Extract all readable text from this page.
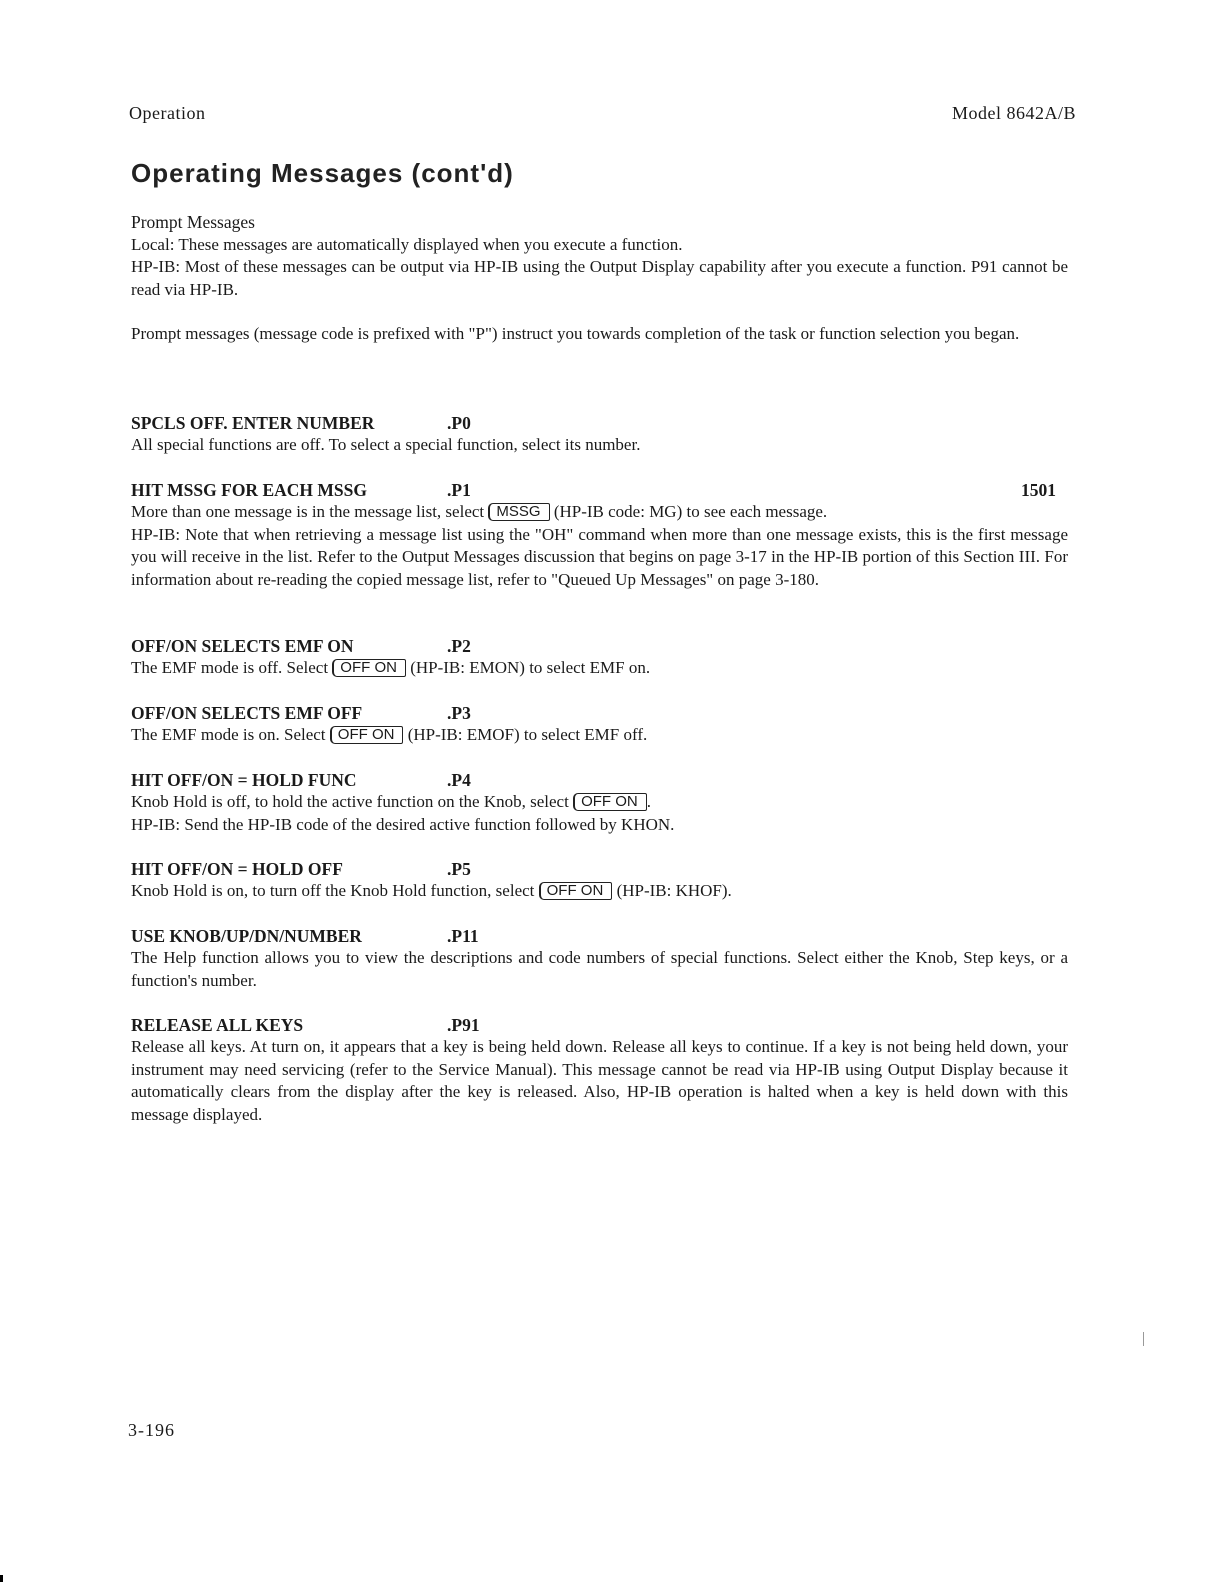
Operation	Model 8642A/B
Operating Messages (cont'd)
Prompt Messages
Local: These messages are automatically displayed when you execute a function.
HP-IB: Most of these messages can be output via HP-IB using the Output Display capability after you execute a function. P91 cannot be read via HP-IB.
Prompt messages (message code is prefixed with "P") instruct you towards completion of the task or function selection you began.
SPCLS OFF. ENTER NUMBER	.P0
All special functions are off. To select a special function, select its number.
HIT MSSG FOR EACH MSSG	.P1	1501
More than one message is in the message list, select MSSG (HP-IB code: MG) to see each message.
HP-IB: Note that when retrieving a message list using the "OH" command when more than one message exists, this is the first message you will receive in the list. Refer to the Output Messages discussion that begins on page 3-17 in the HP-IB portion of this Section III. For information about re-reading the copied message list, refer to "Queued Up Messages" on page 3-180.
OFF/ON SELECTS EMF ON	.P2
The EMF mode is off. Select OFF ON (HP-IB: EMON) to select EMF on.
OFF/ON SELECTS EMF OFF	.P3
The EMF mode is on. Select OFF ON (HP-IB: EMOF) to select EMF off.
HIT OFF/ON = HOLD FUNC	.P4
Knob Hold is off, to hold the active function on the Knob, select OFF ON .
HP-IB: Send the HP-IB code of the desired active function followed by KHON.
HIT OFF/ON = HOLD OFF	.P5
Knob Hold is on, to turn off the Knob Hold function, select OFF ON (HP-IB: KHOF).
USE KNOB/UP/DN/NUMBER	.P11
The Help function allows you to view the descriptions and code numbers of special functions. Select either the Knob, Step keys, or a function's number.
RELEASE ALL KEYS	.P91
Release all keys. At turn on, it appears that a key is being held down. Release all keys to continue. If a key is not being held down, your instrument may need servicing (refer to the Service Manual). This message cannot be read via HP-IB using Output Display because it automatically clears from the display after the key is released. Also, HP-IB operation is halted when a key is held down with this message displayed.
3-196
